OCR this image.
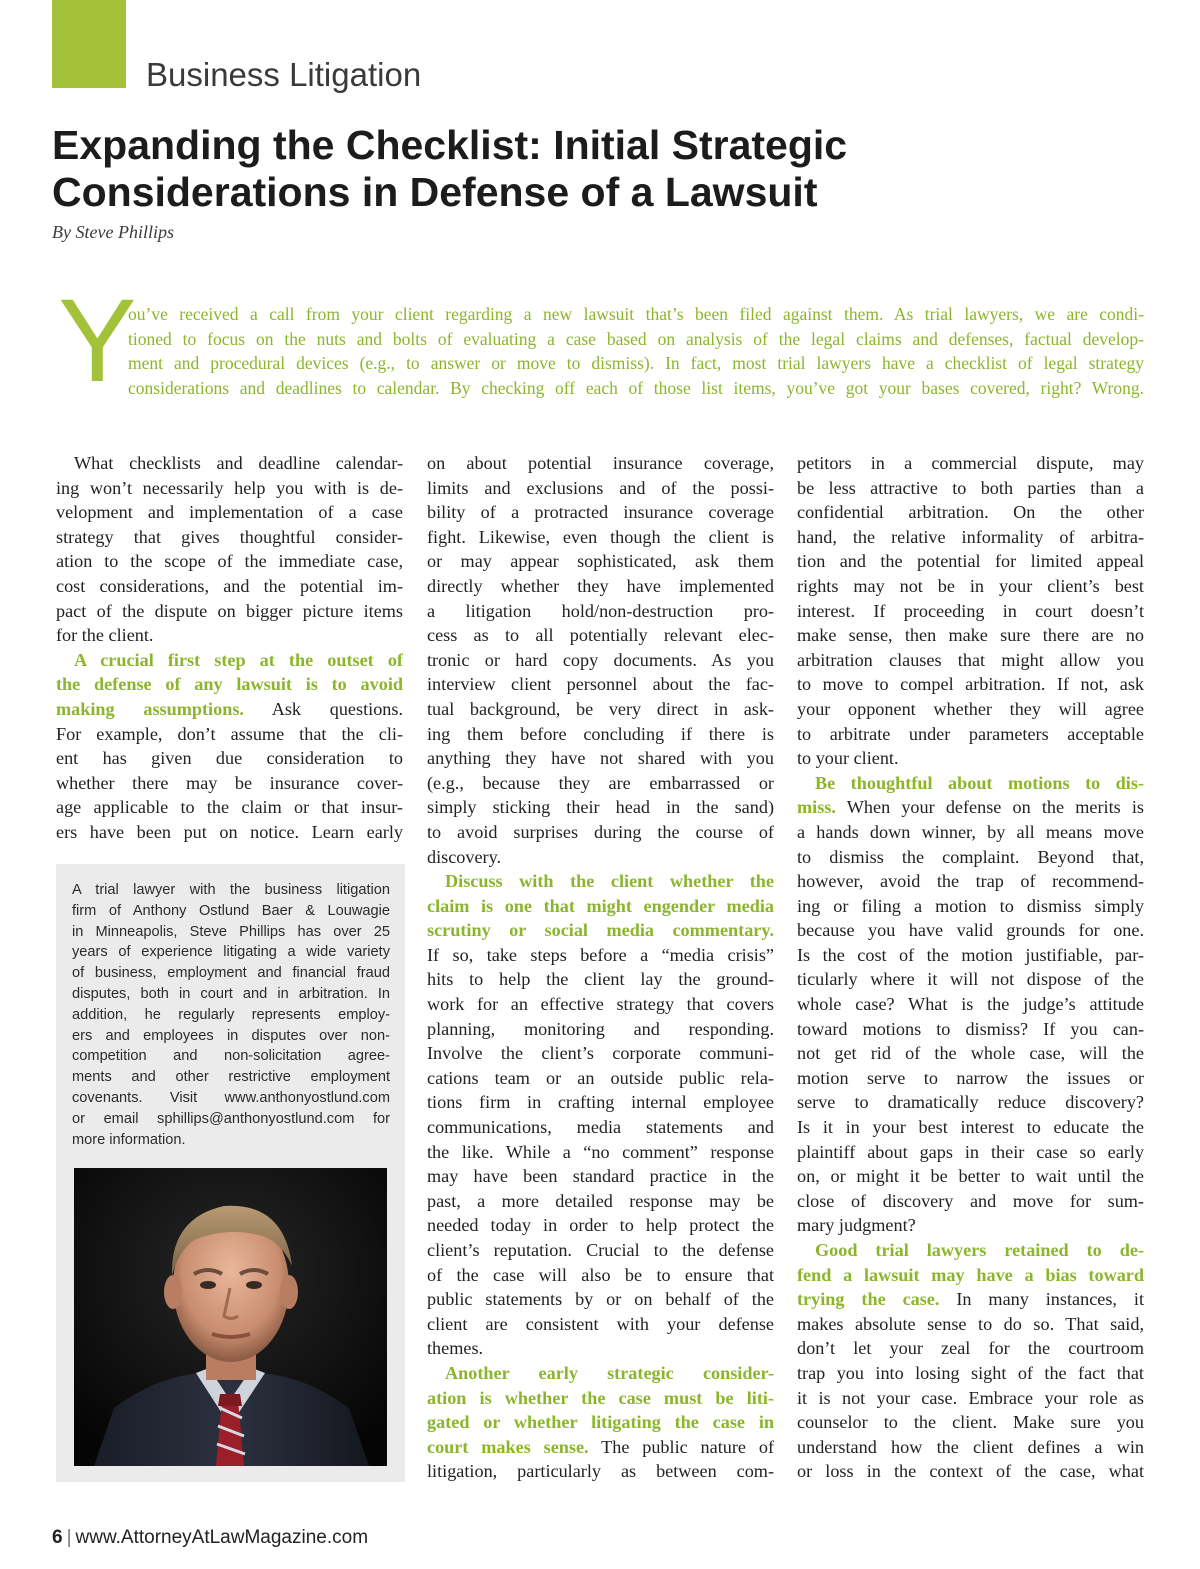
Business Litigation
Expanding the Checklist: Initial Strategic
Considerations in Defense of a Lawsuit
By Steve Phillips
Y
ou’ve received a call from your client regarding a new lawsuit that’s been filed against them. As trial lawyers, we are condi-
tioned to focus on the nuts and bolts of evaluating a case based on analysis of the legal claims and defenses, factual develop-
ment and procedural devices (e.g., to answer or move to dismiss). In fact, most trial lawyers have a checklist of legal strategy
considerations and deadlines to calendar. By checking off each of those list items, you’ve got your bases covered, right? Wrong.
What checklists and deadline calendar-
ing won’t necessarily help you with is de-
velopment and implementation of a case
strategy that gives thoughtful consider-
ation to the scope of the immediate case,
cost considerations, and the potential im-
pact of the dispute on bigger picture items
for the client.
A crucial first step at the outset of
the defense of any lawsuit is to avoid
making assumptions. Ask questions.
For example, don’t assume that the cli-
ent has given due consideration to
whether there may be insurance cover-
age applicable to the claim or that insur-
ers have been put on notice. Learn early
A trial lawyer with the business litigation
firm of Anthony Ostlund Baer & Louwagie
in Minneapolis, Steve Phillips has over 25
years of experience litigating a wide variety
of business, employment and financial fraud
disputes, both in court and in arbitration. In
addition, he regularly represents employ-
ers and employees in disputes over non-
competition and non-solicitation agree-
ments and other restrictive employment
covenants. Visit www.anthonyostlund.com
or email sphillips@anthonyostlund.com for
more information.
on about potential insurance coverage,
limits and exclusions and of the possi-
bility of a protracted insurance coverage
fight. Likewise, even though the client is
or may appear sophisticated, ask them
directly whether they have implemented
a litigation hold/non-destruction pro-
cess as to all potentially relevant elec-
tronic or hard copy documents. As you
interview client personnel about the fac-
tual background, be very direct in ask-
ing them before concluding if there is
anything they have not shared with you
(e.g., because they are embarrassed or
simply sticking their head in the sand)
to avoid surprises during the course of
discovery.
Discuss with the client whether the
claim is one that might engender media
scrutiny or social media commentary.
If so, take steps before a “media crisis”
hits to help the client lay the ground-
work for an effective strategy that covers
planning, monitoring and responding.
Involve the client’s corporate communi-
cations team or an outside public rela-
tions firm in crafting internal employee
communications, media statements and
the like. While a “no comment” response
may have been standard practice in the
past, a more detailed response may be
needed today in order to help protect the
client’s reputation. Crucial to the defense
of the case will also be to ensure that
public statements by or on behalf of the
client are consistent with your defense
themes.
Another early strategic consider-
ation is whether the case must be liti-
gated or whether litigating the case in
court makes sense. The public nature of
litigation, particularly as between com-
petitors in a commercial dispute, may
be less attractive to both parties than a
confidential arbitration. On the other
hand, the relative informality of arbitra-
tion and the potential for limited appeal
rights may not be in your client’s best
interest. If proceeding in court doesn’t
make sense, then make sure there are no
arbitration clauses that might allow you
to move to compel arbitration. If not, ask
your opponent whether they will agree
to arbitrate under parameters acceptable
to your client.
Be thoughtful about motions to dis-
miss. When your defense on the merits is
a hands down winner, by all means move
to dismiss the complaint. Beyond that,
however, avoid the trap of recommend-
ing or filing a motion to dismiss simply
because you have valid grounds for one.
Is the cost of the motion justifiable, par-
ticularly where it will not dispose of the
whole case? What is the judge’s attitude
toward motions to dismiss? If you can-
not get rid of the whole case, will the
motion serve to narrow the issues or
serve to dramatically reduce discovery?
Is it in your best interest to educate the
plaintiff about gaps in their case so early
on, or might it be better to wait until the
close of discovery and move for sum-
mary judgment?
Good trial lawyers retained to de-
fend a lawsuit may have a bias toward
trying the case. In many instances, it
makes absolute sense to do so. That said,
don’t let your zeal for the courtroom
trap you into losing sight of the fact that
it is not your case. Embrace your role as
counselor to the client. Make sure you
understand how the client defines a win
or loss in the context of the case, what
6 | www.AttorneyAtLawMagazine.com
